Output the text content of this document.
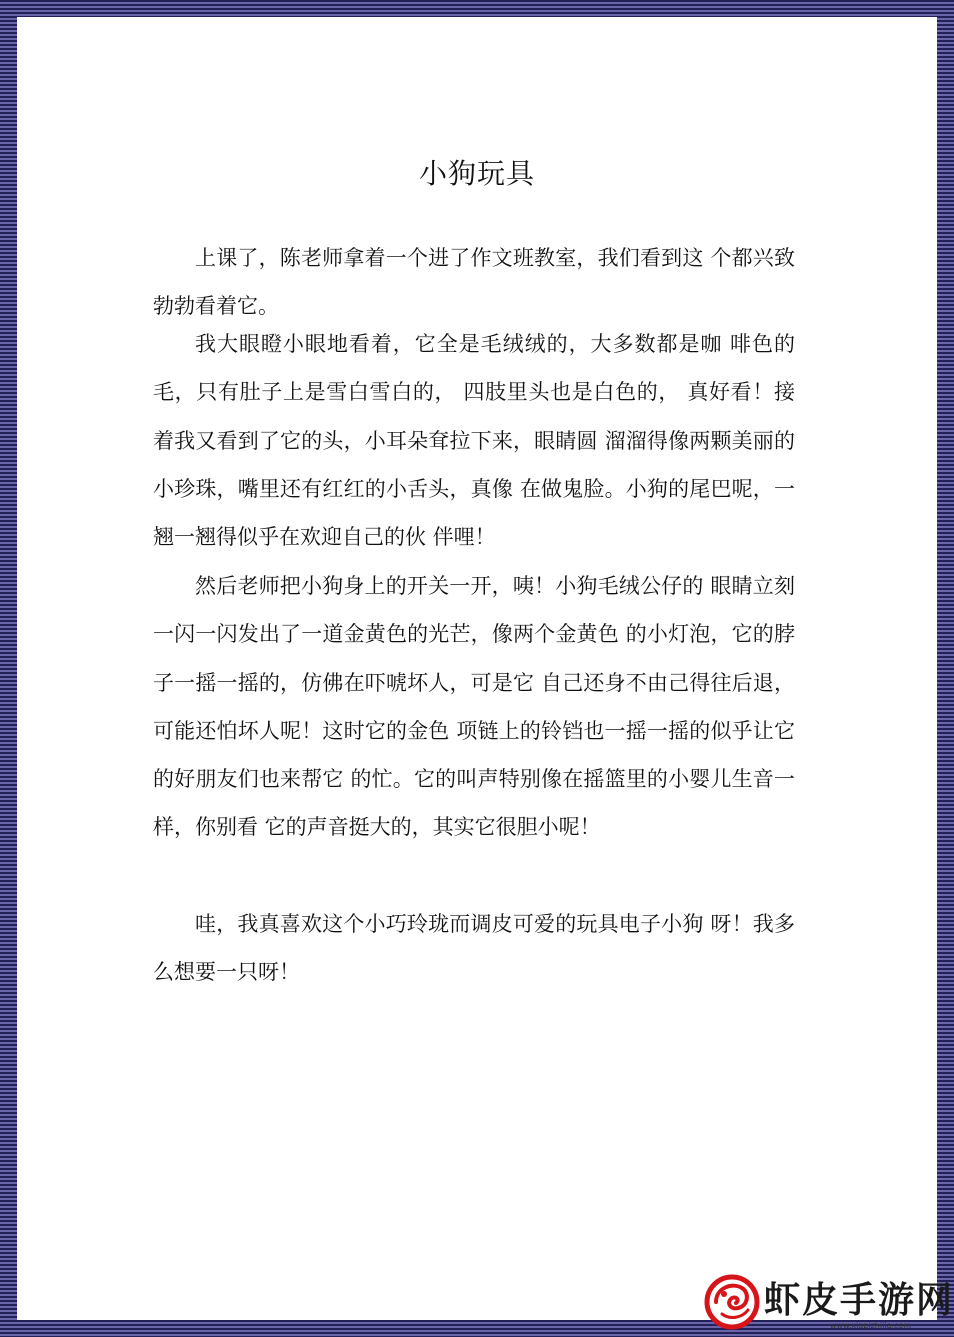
小狗玩具

上课了，陈老师拿着一个进了作文班教室，我们看到这 个都兴致勃勃看着它。

我大眼瞪小眼地看着，它全是毛绒绒的，大多数都是咖 啡色的毛，只有肚子上是雪白雪白的， 四肢里头也是白色的， 真好看！接着我又看到了它的头，小耳朵耷拉下来，眼睛圆 溜溜得像两颗美丽的小珍珠，嘴里还有红红的小舌头，真像 在做鬼脸。小狗的尾巴呢，一翘一翘得似乎在欢迎自己的伙 伴哩！

然后老师把小狗身上的开关一开，咦！小狗毛绒公仔的 眼睛立刻一闪一闪发出了一道金黄色的光芒，像两个金黄色 的小灯泡，它的脖子一摇一摇的，仿佛在吓唬坏人，可是它 自己还身不由己得往后退，可能还怕坏人呢！这时它的金色 项链上的铃铛也一摇一摇的似乎让它的好朋友们也来帮它 的忙。它的叫声特别像在摇篮里的小婴儿生音一样，你别看 它的声音挺大的，其实它很胆小呢！

哇，我真喜欢这个小巧玲珑而调皮可爱的玩具电子小狗 呀！我多么想要一只呀！

虾皮手游网
www.xiapizhijia.com
